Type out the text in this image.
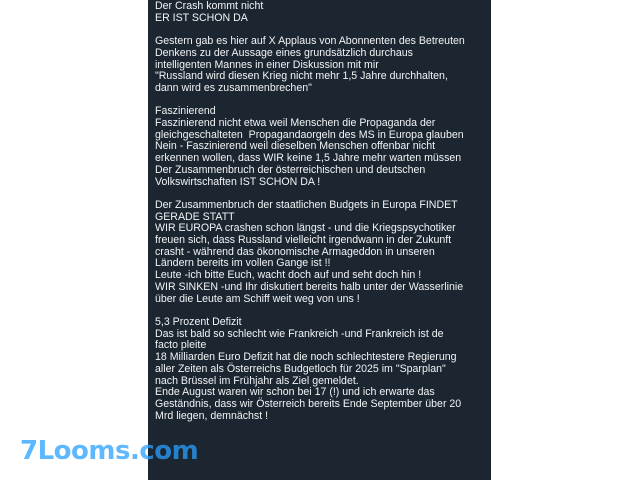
Der Crash kommt nicht
ER IST SCHON DA

Gestern gab es hier auf X Applaus von Abonnenten des Betreuten
Denkens zu der Aussage eines grundsätzlich durchaus
intelligenten Mannes in einer Diskussion mit mir
"Russland wird diesen Krieg nicht mehr 1,5 Jahre durchhalten,
dann wird es zusammenbrechen"

Faszinierend
Faszinierend nicht etwa weil Menschen die Propaganda der
gleichgeschalteten  Propagandaorgeln des MS in Europa glauben
Nein - Faszinierend weil dieselben Menschen offenbar nicht
erkennen wollen, dass WIR keine 1,5 Jahre mehr warten müssen
Der Zusammenbruch der österreichischen und deutschen
Volkswirtschaften IST SCHON DA !

Der Zusammenbruch der staatlichen Budgets in Europa FINDET
GERADE STATT
WIR EUROPA crashen schon längst - und die Kriegspsychotiker
freuen sich, dass Russland vielleicht irgendwann in der Zukunft
crasht - während das ökonomische Armageddon in unseren
Ländern bereits im vollen Gange ist !!
Leute -ich bitte Euch, wacht doch auf und seht doch hin !
WIR SINKEN -und Ihr diskutiert bereits halb unter der Wasserlinie
über die Leute am Schiff weit weg von uns !

5,3 Prozent Defizit
Das ist bald so schlecht wie Frankreich -und Frankreich ist de
facto pleite
18 Milliarden Euro Defizit hat die noch schlechtestere Regierung
aller Zeiten als Österreichs Budgetloch für 2025 im "Sparplan"
nach Brüssel im Frühjahr als Ziel gemeldet.
Ende August waren wir schon bei 17 (!) und ich erwarte das
Geständnis, dass wir Österreich bereits Ende September über 20
Mrd liegen, demnächst !
7Looms.com
